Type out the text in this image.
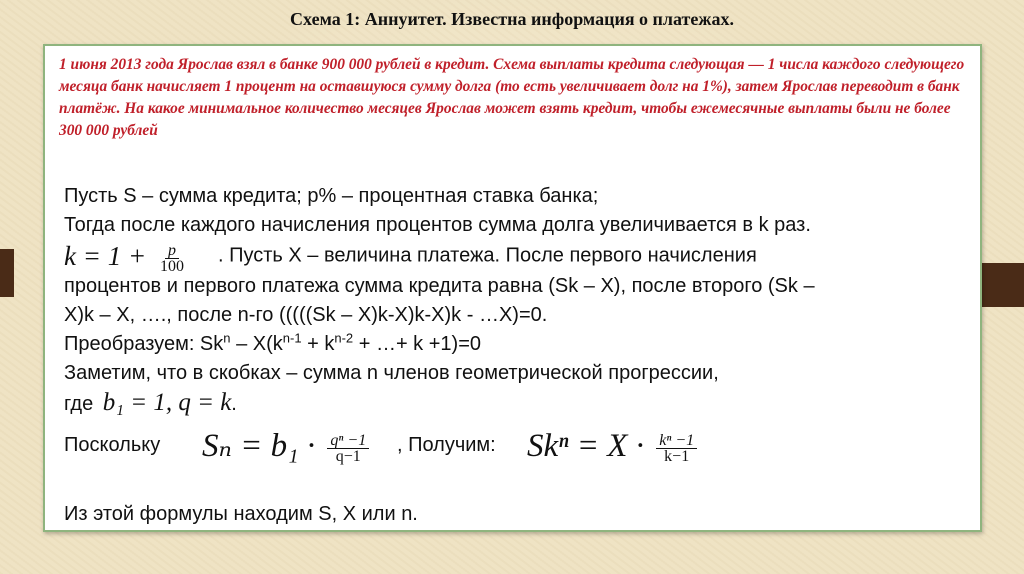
Схема 1: Аннуитет. Известна информация о платежах.
1 июня 2013 года Ярослав взял в банке 900 000 рублей в кредит. Схема выплаты кредита следующая — 1 числа каждого следующего месяца банк начисляет 1 процент на оставшуюся сумму долга (то есть увеличивает долг на 1%), затем Ярослав переводит в банк платёж. На какое минимальное количество месяцев Ярослав может взять кредит, чтобы ежемесячные выплаты были не более 300 000 рублей
Пусть S – сумма кредита; p% – процентная ставка банка;
Тогда после каждого начисления процентов сумма долга увеличивается в k раз.
$k = 1 + \frac{p}{100}$ . Пусть X – величина платежа. После первого начисления
процентов и первого платежа сумма кредита равна (Sk – X), после второго (Sk –
X)k – X, …., после n-го (((((Sk – X)k-X)k-X)k - …X)=0.
Преобразуем: $Sk^n - X(k^{n-1} + k^{n-2}$ + …+ k +1)=0
Заметим, что в скобках – сумма n членов геометрической прогрессии,
где b₁ = 1, q = k.
Поскольку $S_n = b_1 \cdot \frac{\text{qⁿ −1}}{q-1}$ , Получим: $Sk^n = X \cdot \frac{\text{kⁿ −1}}{k-1}$
Из этой формулы находим S, X или n.
